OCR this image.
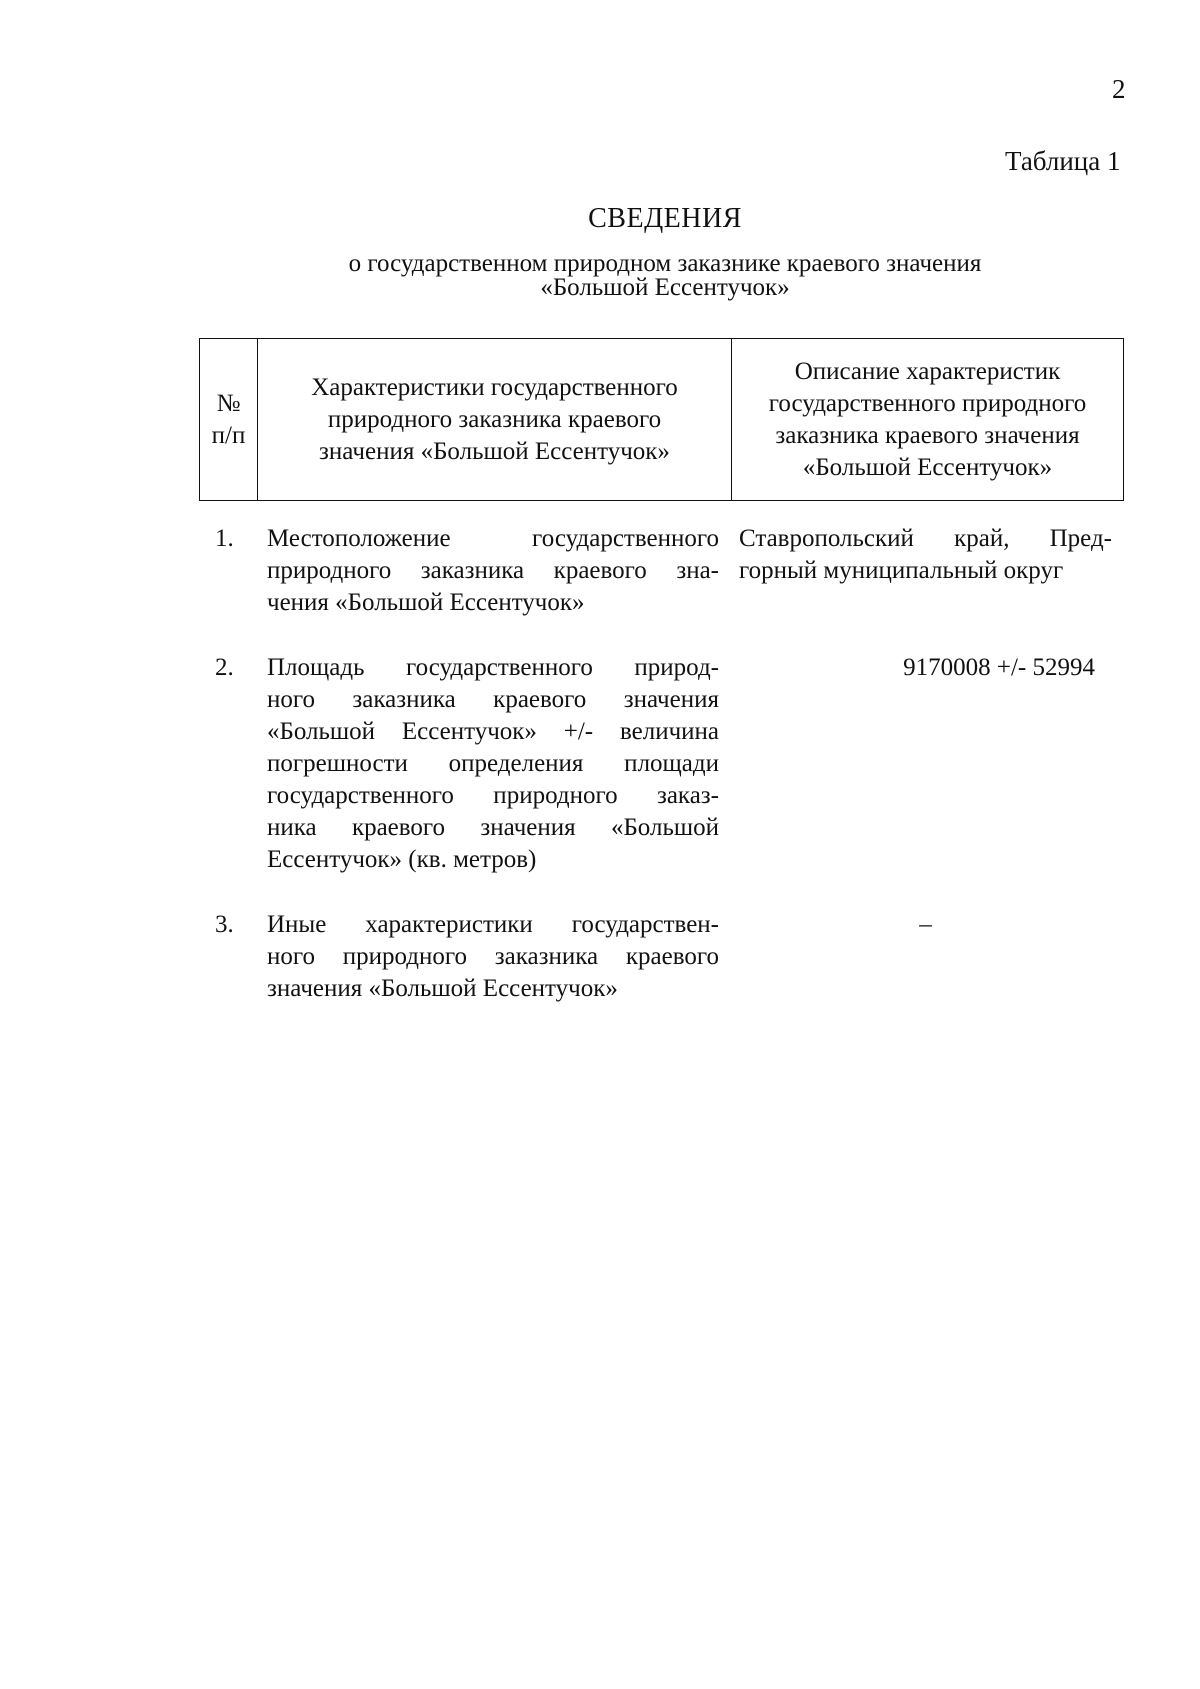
2
Таблица 1
СВЕДЕНИЯ
о государственном природном заказнике краевого значения
«Большой Ессентучок»
№
п/п
Характеристики государственного
природного заказника краевого
значения «Большой Ессентучок»
Описание характеристик
государственного природного
заказника краевого значения
«Большой Ессентучок»
1. Местоположение государственного
природного заказника краевого зна-
чения «Большой Ессентучок»
Ставропольский край, Пред-
горный муниципальный округ
2. Площадь государственного природ-
ного заказника краевого значения
«Большой Ессентучок» +/- величина
погрешности определения площади
государственного природного заказ-
ника краевого значения «Большой
Ессентучок» (кв. метров)
9170008 +/- 52994
3. Иные характеристики государствен-
ного природного заказника краевого
значения «Большой Ессентучок»
–
